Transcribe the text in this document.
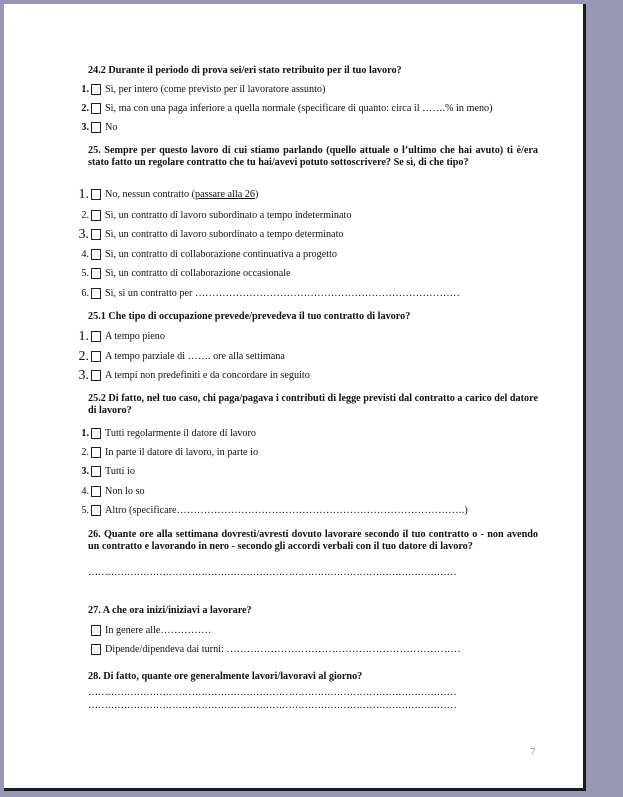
24.2 Durante il periodo di prova sei/eri stato retribuito per il tuo lavoro?
1. Sì, per intero (come previsto per il lavoratore assunto)
2. Sì, ma con una paga inferiore a quella normale (specificare di quanto: circa il …….% in meno)
3. No
25. Sempre per questo lavoro di cui stiamo parlando (quello attuale o l’ultimo che hai avuto) ti è/era stato fatto un regolare contratto che tu hai/avevi potuto sottoscrivere? Se sì, di che tipo?
1. No, nessun contratto (passare alla 26)
2. Sì, un contratto di lavoro subordinato a tempo indeterminato
3. Sì, un contratto di lavoro subordinato a tempo determinato
4. Sì, un contratto di collaborazione continuativa a progetto
5. Sì, un contratto di collaborazione occasionale
6. Sì, si un contratto per ……………………………………………………………………
25.1 Che tipo di occupazione prevede/prevedeva il tuo contratto di lavoro?
1. A tempo pieno
2. A tempo parziale di ……. ore alla settimana
3. A tempi non predefiniti e da concordare in seguito
25.2 Di fatto, nel tuo caso, chi paga/pagava i contributi di legge previsti dal contratto a carico del datore di lavoro?
1. Tutti regolarmente il datore di lavoro
2. In parte il datore di lavoro, in parte io
3. Tutti io
4. Non lo so
5. Altro (specificare………………………………………………………………………….)
26. Quante ore alla settimana dovresti/avresti dovuto lavorare secondo il tuo contratto o - non avendo un contratto e lavorando in nero - secondo gli accordi verbali con il tuo datore di lavoro?
……………………………………………………………………………………………………
27. A che ora inizi/iniziavi a lavorare?
In genere alle……………
Dipende/dipendeva dai turni: ……………………………………………………………
28. Di fatto, quante ore generalmente lavori/lavoravi al giorno?
……………………………………………………………………………………………………
……………………………………………………………………………………………………
7
